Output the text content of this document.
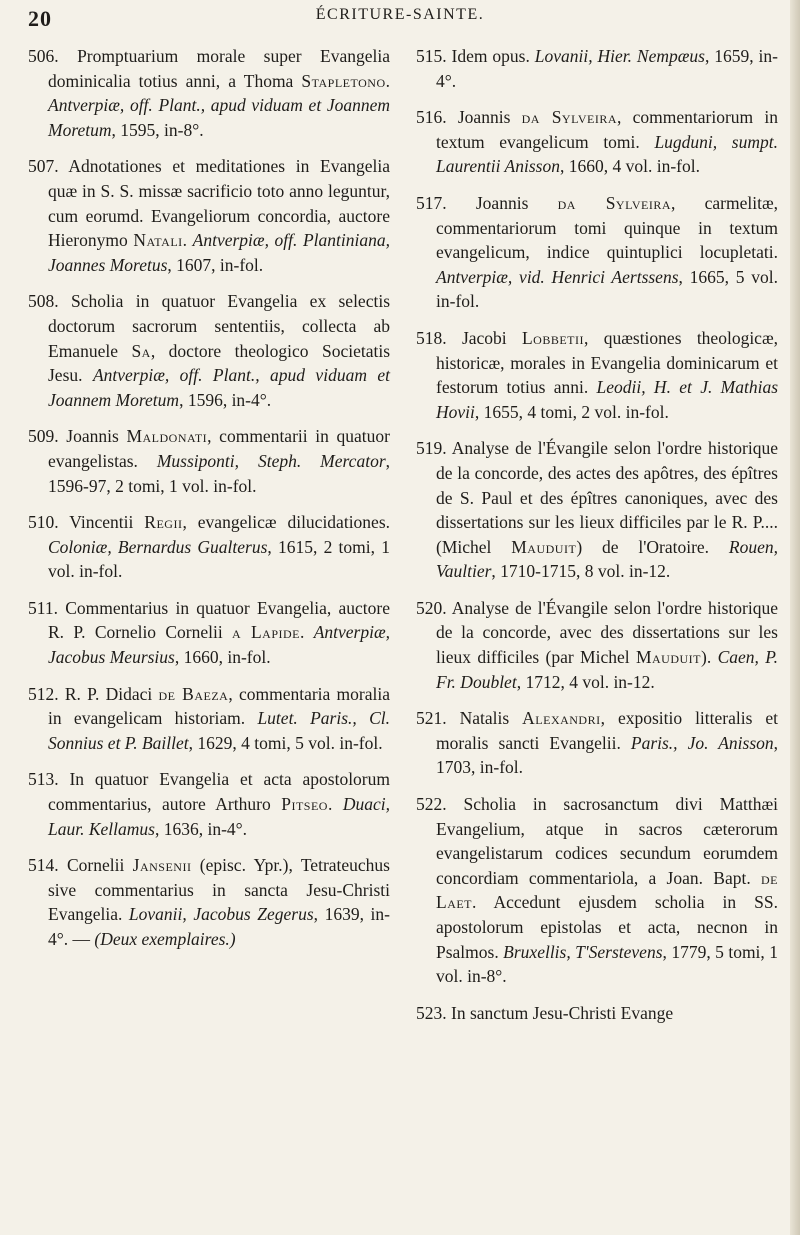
20	ÉCRITURE-SAINTE.

506. Promptuarium morale super Evangelia dominicalia totius anni, a Thoma Stapletono. Antverpiæ, off. Plant., apud viduam et Joannem Moretum, 1595, in-8°.

507. Adnotationes et meditationes in Evangelia quæ in S. S. missæ sacrificio toto anno leguntur, cum eorumd. Evangeliorum concordia, auctore Hieronymo Natali. Antverpiæ, off. Plantiniana, Joannes Moretus, 1607, in-fol.

508. Scholia in quatuor Evangelia ex selectis doctorum sacrorum sententiis, collecta ab Emanuele Sa, doctore theologico Societatis Jesu. Antverpiæ, off. Plant., apud viduam et Joannem Moretum, 1596, in-4°.

509. Joannis Maldonati, commentarii in quatuor evangelistas. Mussiponti, Steph. Mercator, 1596-97, 2 tomi, 1 vol. in-fol.

510. Vincentii Regii, evangelicæ dilucidationes. Coloniæ, Bernardus Gualterus, 1615, 2 tomi, 1 vol. in-fol.

511. Commentarius in quatuor Evangelia, auctore R. P. Cornelio Cornelii a Lapide. Antverpiæ, Jacobus Meursius, 1660, in-fol.

512. R. P. Didaci de Baeza, commentaria moralia in evangelicam historiam. Lutet. Paris., Cl. Sonnius et P. Baillet, 1629, 4 tomi, 5 vol. in-fol.

513. In quatuor Evangelia et acta apostolorum commentarius, autore Arthuro Pitseo. Duaci, Laur. Kellamus, 1636, in-4°.

514. Cornelii Jansenii (episc. Ypr.), Tetrateuchus sive commentarius in sancta Jesu-Christi Evangelia. Lovanii, Jacobus Zegerus, 1639, in-4°. — (Deux exemplaires.)

515. Idem opus. Lovanii, Hier. Nempæus, 1659, in-4°.

516. Joannis da Sylveira, commentariorum in textum evangelicum tomi. Lugduni, sumpt. Laurentii Anisson, 1660, 4 vol. in-fol.

517. Joannis da Sylveira, carmelitæ, commentariorum tomi quinque in textum evangelicum, indice quintuplici locupletati. Antverpiæ, vid. Henrici Aertssens, 1665, 5 vol. in-fol.

518. Jacobi Lobbetii, quæstiones theologicæ, historicæ, morales in Evangelia dominicarum et festorum totius anni. Leodii, H. et J. Mathias Hovii, 1655, 4 tomi, 2 vol. in-fol.

519. Analyse de l'Évangile selon l'ordre historique de la concorde, des actes des apôtres, des épîtres de S. Paul et des épîtres canoniques, avec des dissertations sur les lieux difficiles par le R. P.... (Michel Mauduit) de l'Oratoire. Rouen, Vaultier, 1710-1715, 8 vol. in-12.

520. Analyse de l'Évangile selon l'ordre historique de la concorde, avec des dissertations sur les lieux difficiles (par Michel Mauduit). Caen, P. Fr. Doublet, 1712, 4 vol. in-12.

521. Natalis Alexandri, expositio litteralis et moralis sancti Evangelii. Paris., Jo. Anisson, 1703, in-fol.

522. Scholia in sacrosanctum divi Matthæi Evangelium, atque in sacros cæterorum evangelistarum codices secundum eorumdem concordiam commentariola, a Joan. Bapt. de Laet. Accedunt ejusdem scholia in SS. apostolorum epistolas et acta, necnon in Psalmos. Bruxellis, T'Serstevens, 1779, 5 tomi, 1 vol. in-8°.

523. In sanctum Jesu-Christi Evange
